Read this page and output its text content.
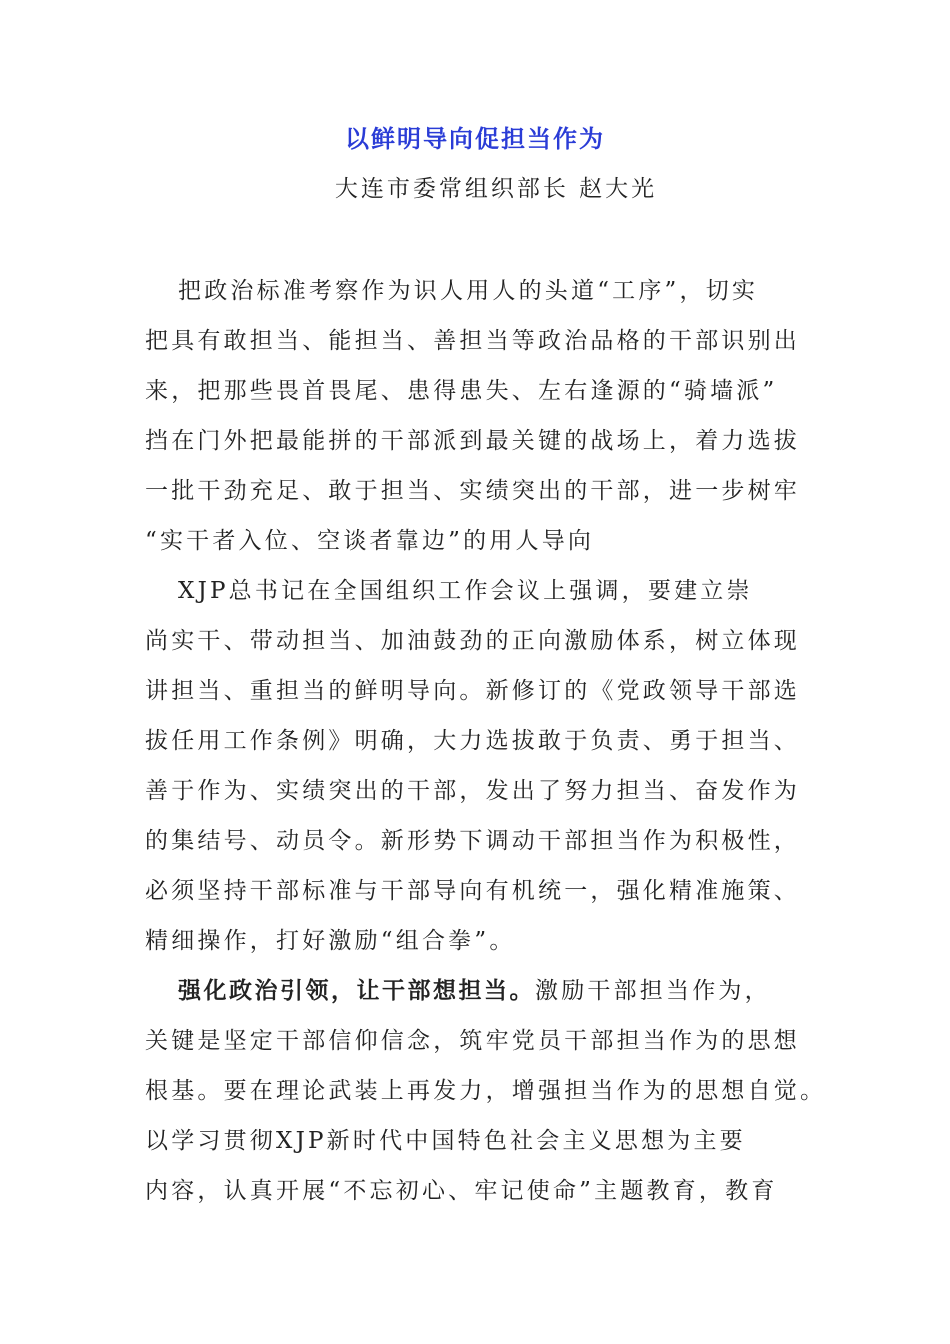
以鲜明导向促担当作为
大连市委常组织部长 赵大光
把政治标准考察作为识人用人的头道“工序”，切实
把具有敢担当、能担当、善担当等政治品格的干部识别出
来，把那些畏首畏尾、患得患失、左右逢源的“骑墙派”
挡在门外把最能拼的干部派到最关键的战场上，着力选拔
一批干劲充足、敢于担当、实绩突出的干部，进一步树牢
“实干者入位、空谈者靠边”的用人导向
XJP总书记在全国组织工作会议上强调，要建立崇
尚实干、带动担当、加油鼓劲的正向激励体系，树立体现
讲担当、重担当的鲜明导向。新修订的《党政领导干部选
拔任用工作条例》明确，大力选拔敢于负责、勇于担当、
善于作为、实绩突出的干部，发出了努力担当、奋发作为
的集结号、动员令。新形势下调动干部担当作为积极性，
必须坚持干部标准与干部导向有机统一，强化精准施策、
精细操作，打好激励“组合拳”。
强化政治引领，让干部想担当。激励干部担当作为，
关键是坚定干部信仰信念，筑牢党员干部担当作为的思想
根基。要在理论武装上再发力，增强担当作为的思想自觉。
以学习贯彻XJP新时代中国特色社会主义思想为主要
内容，认真开展“不忘初心、牢记使命”主题教育，教育
